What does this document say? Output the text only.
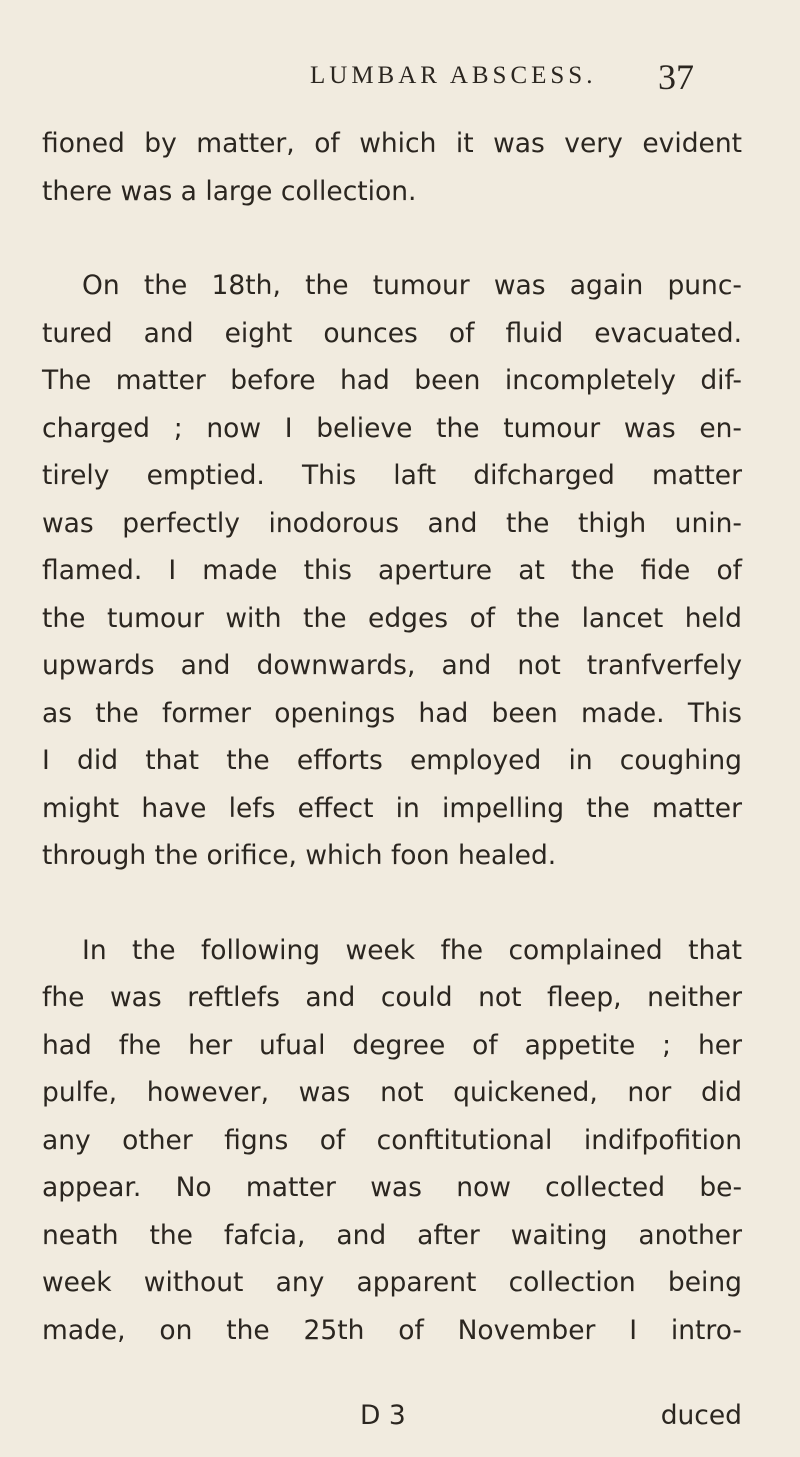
LUMBAR ABSCESS. 37

fioned by matter, of which it was very evident
there was a large collection.

On the 18th, the tumour was again punc-
tured and eight ounces of fluid evacuated.
The matter before had been incompletely dif-
charged ; now I believe the tumour was en-
tirely emptied. This laft difcharged matter
was perfectly inodorous and the thigh unin-
flamed. I made this aperture at the fide of
the tumour with the edges of the lancet held
upwards and downwards, and not tranfverfely
as the former openings had been made. This
I did that the efforts employed in coughing
might have lefs effect in impelling the matter
through the orifice, which foon healed.

In the following week fhe complained that
fhe was reftlefs and could not fleep, neither
had fhe her ufual degree of appetite ; her
pulfe, however, was not quickened, nor did
any other figns of conftitutional indifpofition
appear. No matter was now collected be-
neath the fafcia, and after waiting another
week without any apparent collection being
made, on the 25th of November I intro-

D 3	duced
